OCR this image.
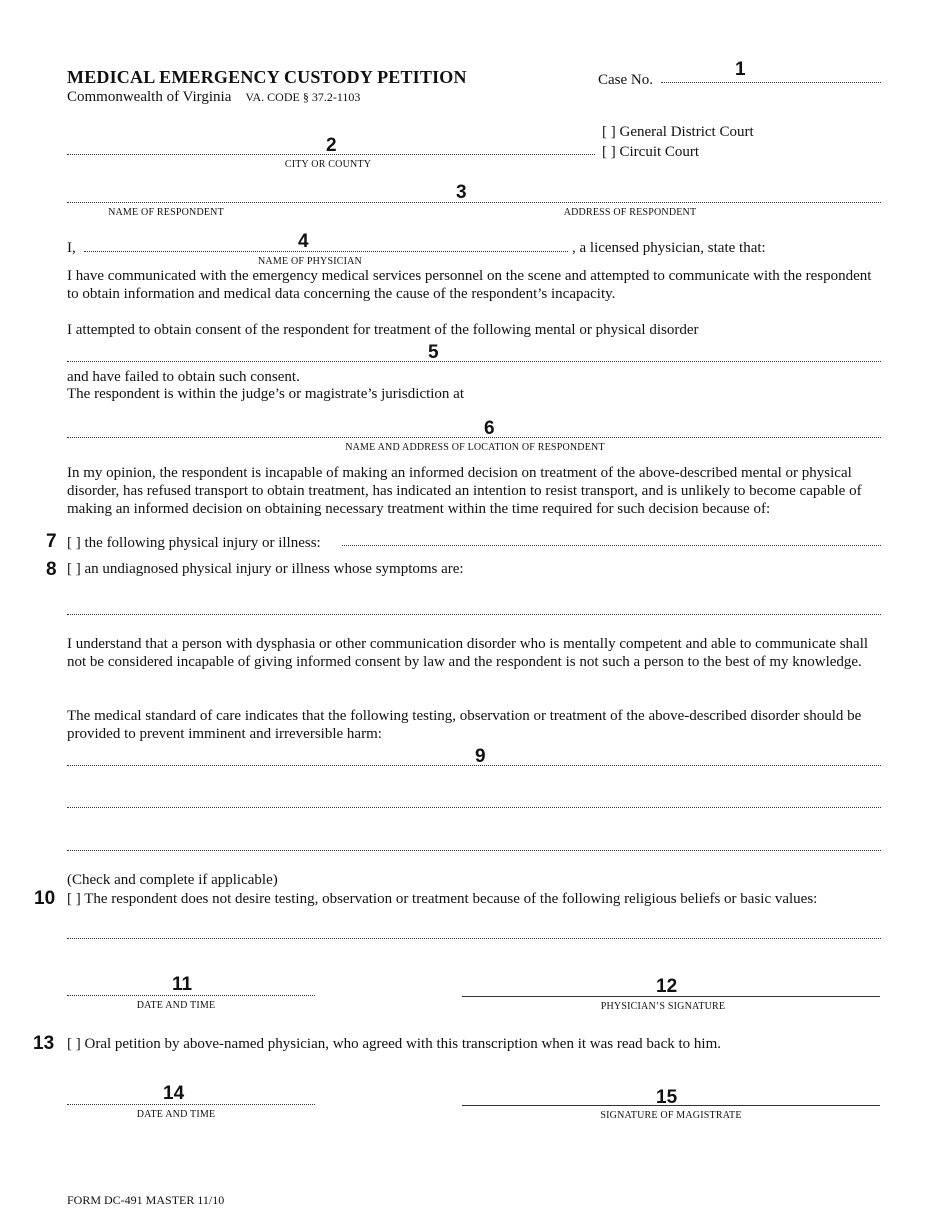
MEDICAL EMERGENCY CUSTODY PETITION
Commonwealth of Virginia VA. CODE § 37.2-1103
Case No.	1
[ ] General District Court
[ ] Circuit Court
2
CITY OR COUNTY
3
NAME OF RESPONDENT	ADDRESS OF RESPONDENT
I,	4	, a licensed physician, state that:
NAME OF PHYSICIAN
I have communicated with the emergency medical services personnel on the scene and attempted to communicate with the respondent to obtain information and medical data concerning the cause of the respondent’s incapacity.
I attempted to obtain consent of the respondent for treatment of the following mental or physical disorder
5
and have failed to obtain such consent.
The respondent is within the judge’s or magistrate’s jurisdiction at
6
NAME AND ADDRESS OF LOCATION OF RESPONDENT
In my opinion, the respondent is incapable of making an informed decision on treatment of the above-described mental or physical disorder, has refused transport to obtain treatment, has indicated an intention to resist transport, and is unlikely to become capable of making an informed decision on obtaining necessary treatment within the time required for such decision because of:
7 [ ] the following physical injury or illness:
8 [ ] an undiagnosed physical injury or illness whose symptoms are:
I understand that a person with dysphasia or other communication disorder who is mentally competent and able to communicate shall not be considered incapable of giving informed consent by law and the respondent is not such a person to the best of my knowledge.
The medical standard of care indicates that the following testing, observation or treatment of the above-described disorder should be provided to prevent imminent and irreversible harm:
9
(Check and complete if applicable)
10 [ ] The respondent does not desire testing, observation or treatment because of the following religious beliefs or basic values:
11
DATE AND TIME
12
PHYSICIAN’S SIGNATURE
13 [ ] Oral petition by above-named physician, who agreed with this transcription when it was read back to him.
14
DATE AND TIME
15
SIGNATURE OF MAGISTRATE
FORM DC-491 MASTER 11/10
